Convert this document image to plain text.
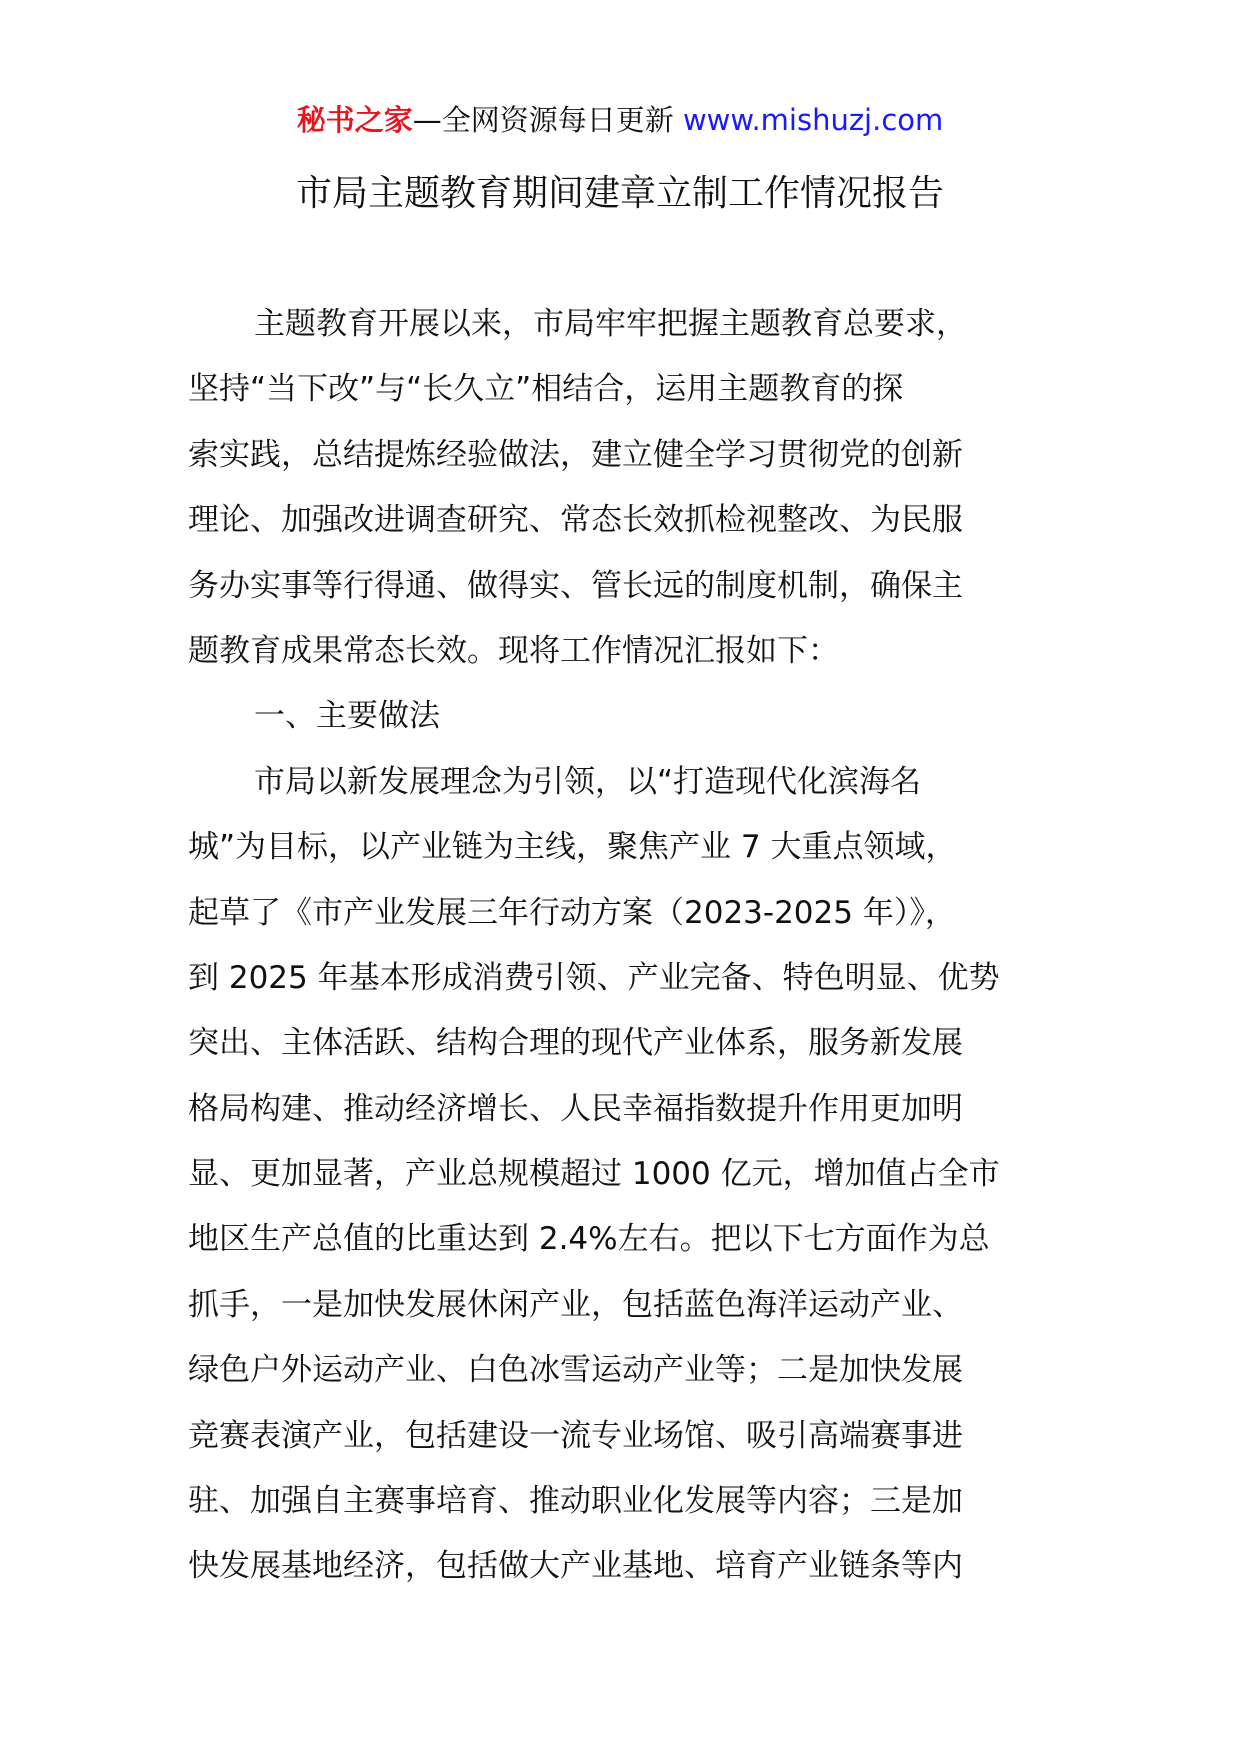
秘书之家—全网资源每日更新 www.mishuzj.com
市局主题教育期间建章立制工作情况报告
主题教育开展以来，市局牢牢把握主题教育总要求，
坚持“当下改”与“长久立”相结合，运用主题教育的探
索实践，总结提炼经验做法，建立健全学习贯彻党的创新
理论、加强改进调查研究、常态长效抓检视整改、为民服
务办实事等行得通、做得实、管长远的制度机制，确保主
题教育成果常态长效。现将工作情况汇报如下：
一、主要做法
市局以新发展理念为引领，以“打造现代化滨海名
城”为目标，以产业链为主线，聚焦产业 7 大重点领域，
起草了《市产业发展三年行动方案（2023-2025 年）》，
到 2025 年基本形成消费引领、产业完备、特色明显、优势
突出、主体活跃、结构合理的现代产业体系，服务新发展
格局构建、推动经济增长、人民幸福指数提升作用更加明
显、更加显著，产业总规模超过 1000 亿元，增加值占全市
地区生产总值的比重达到 2.4%左右。把以下七方面作为总
抓手，一是加快发展休闲产业，包括蓝色海洋运动产业、
绿色户外运动产业、白色冰雪运动产业等；二是加快发展
竞赛表演产业，包括建设一流专业场馆、吸引高端赛事进
驻、加强自主赛事培育、推动职业化发展等内容；三是加
快发展基地经济，包括做大产业基地、培育产业链条等内
